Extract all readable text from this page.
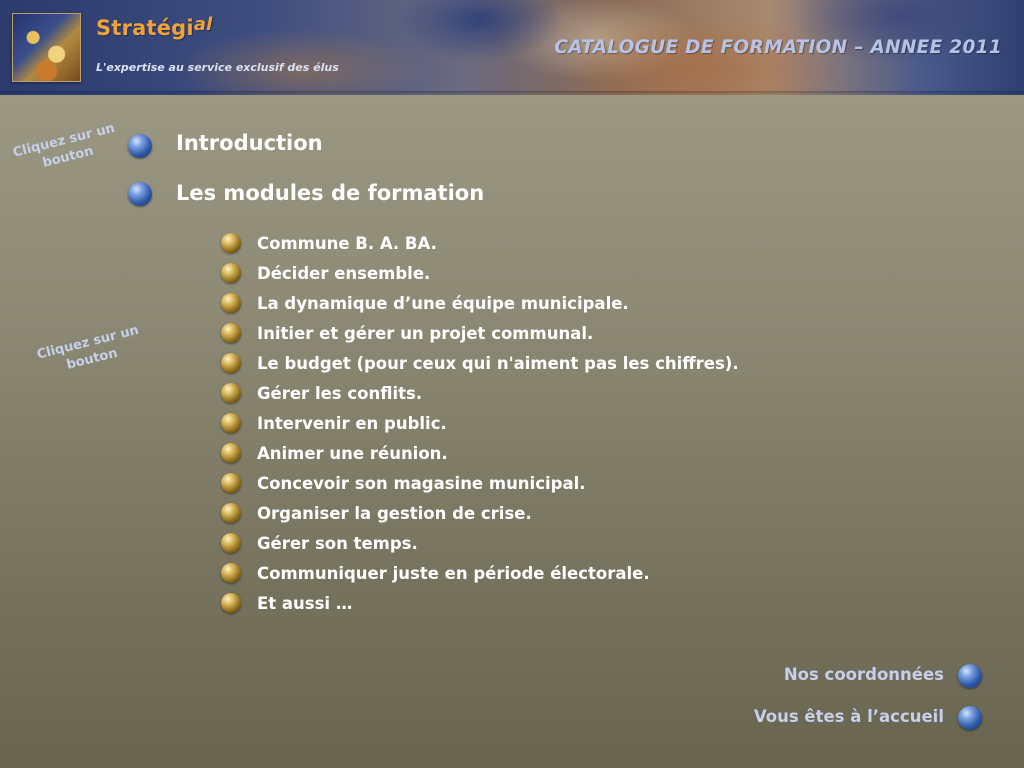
Stratégial
L'expertise au service exclusif des élus
CATALOGUE DE FORMATION – ANNEE 2011
Cliquez sur un bouton
Cliquez sur un bouton
Introduction
Les modules de formation
Commune B. A. BA.
Décider ensemble.
La dynamique d’une équipe municipale.
Initier et gérer un projet communal.
Le budget (pour ceux qui n'aiment pas les chiffres).
Gérer les conflits.
Intervenir en public.
Animer une réunion.
Concevoir son magasine municipal.
Organiser la gestion de crise.
Gérer son temps.
Communiquer juste en période électorale.
Et aussi …
Nos coordonnées
Vous êtes à l’accueil
